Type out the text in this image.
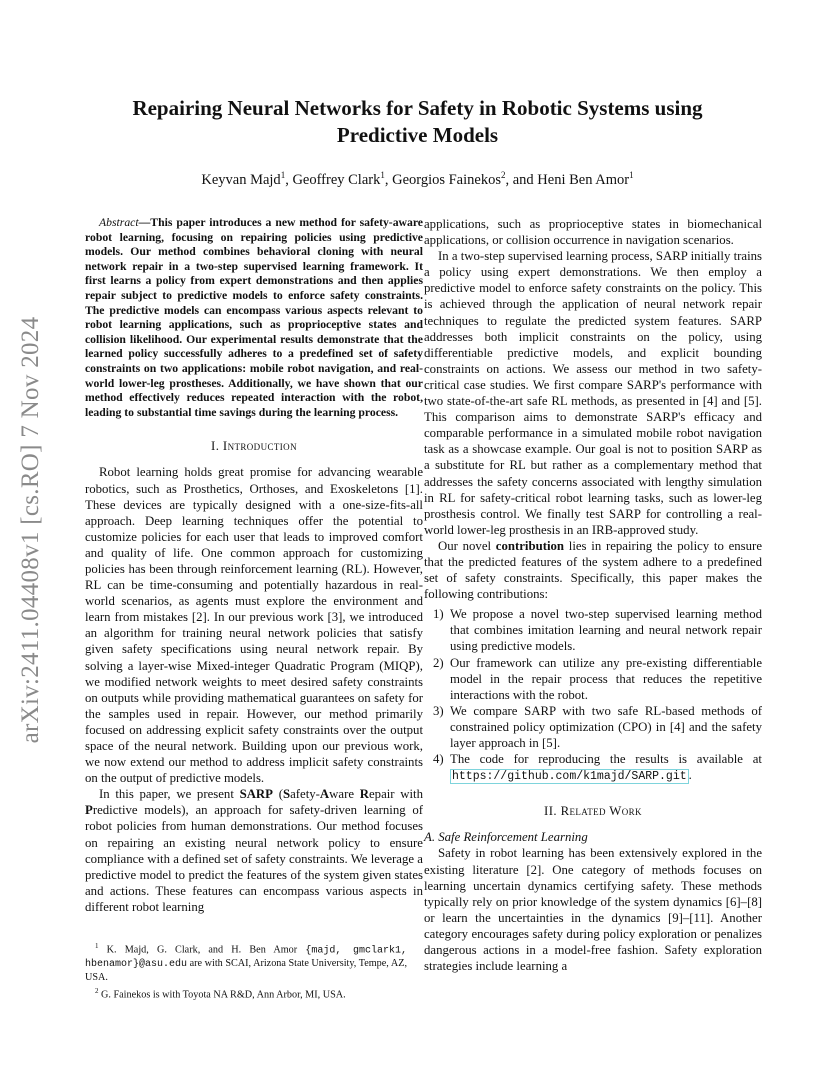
arXiv:2411.04408v1 [cs.RO] 7 Nov 2024
Repairing Neural Networks for Safety in Robotic Systems using
Predictive Models

Keyvan Majd$^1$, Geoffrey Clark$^1$, Georgios Fainekos$^2$, and Heni Ben Amor$^1$

Abstract—This paper introduces a new method for safety-aware robot learning, focusing on repairing policies using predictive models. Our method combines behavioral cloning with neural network repair in a two-step supervised learning framework. It first learns a policy from expert demonstrations and then applies repair subject to predictive models to enforce safety constraints. The predictive models can encompass various aspects relevant to robot learning applications, such as proprioceptive states and collision likelihood. Our experimental results demonstrate that the learned policy successfully adheres to a predefined set of safety constraints on two applications: mobile robot navigation, and real-world lower-leg prostheses. Additionally, we have shown that our method effectively reduces repeated interaction with the robot, leading to substantial time savings during the learning process.

I. Introduction

Robot learning holds great promise for advancing wearable robotics, such as Prosthetics, Orthoses, and Exoskeletons [1]. These devices are typically designed with a one-size-fits-all approach. Deep learning techniques offer the potential to customize policies for each user that leads to improved comfort and quality of life. One common approach for customizing policies has been through reinforcement learning (RL). However, RL can be time-consuming and potentially hazardous in real-world scenarios, as agents must explore the environment and learn from mistakes [2]. In our previous work [3], we introduced an algorithm for training neural network policies that satisfy given safety specifications using neural network repair. By solving a layer-wise Mixed-integer Quadratic Program (MIQP), we modified network weights to meet desired safety constraints on outputs while providing mathematical guarantees on safety for the samples used in repair. However, our method primarily focused on addressing explicit safety constraints over the output space of the neural network. Building upon our previous work, we now extend our method to address implicit safety constraints on the output of predictive models.

In this paper, we present SARP (Safety-Aware Repair with Predictive models), an approach for safety-driven learning of robot policies from human demonstrations. Our method focuses on repairing an existing neural network policy to ensure compliance with a defined set of safety constraints. We leverage a predictive model to predict the features of the system given states and actions. These features can encompass various aspects in different robot learning

$^1$ K. Majd, G. Clark, and H. Ben Amor {majd, gmclark1, hbenamor}@asu.edu are with SCAI, Arizona State University, Tempe, AZ, USA.

$^2$ G. Fainekos is with Toyota NA R&D, Ann Arbor, MI, USA.

applications, such as proprioceptive states in biomechanical applications, or collision occurrence in navigation scenarios.

In a two-step supervised learning process, SARP initially trains a policy using expert demonstrations. We then employ a predictive model to enforce safety constraints on the policy. This is achieved through the application of neural network repair techniques to regulate the predicted system features. SARP addresses both implicit constraints on the policy, using differentiable predictive models, and explicit bounding constraints on actions. We assess our method in two safety-critical case studies. We first compare SARP's performance with two state-of-the-art safe RL methods, as presented in [4] and [5]. This comparison aims to demonstrate SARP's efficacy and comparable performance in a simulated mobile robot navigation task as a showcase example. Our goal is not to position SARP as a substitute for RL but rather as a complementary method that addresses the safety concerns associated with lengthy simulation in RL for safety-critical robot learning tasks, such as lower-leg prosthesis control. We finally test SARP for controlling a real-world lower-leg prosthesis in an IRB-approved study.

Our novel contribution lies in repairing the policy to ensure that the predicted features of the system adhere to a predefined set of safety constraints. Specifically, this paper makes the following contributions:

1) We propose a novel two-step supervised learning method that combines imitation learning and neural network repair using predictive models.
2) Our framework can utilize any pre-existing differentiable model in the repair process that reduces the repetitive interactions with the robot.
3) We compare SARP with two safe RL-based methods of constrained policy optimization (CPO) in [4] and the safety layer approach in [5].
4) The code for reproducing the results is available at https://github.com/k1majd/SARP.git .
II. Related Work

A. Safe Reinforcement Learning

Safety in robot learning has been extensively explored in the existing literature [2]. One category of methods focuses on learning uncertain dynamics certifying safety. These methods typically rely on prior knowledge of the system dynamics [6]–[8] or learn the uncertainties in the dynamics [9]–[11]. Another category encourages safety during policy exploration or penalizes dangerous actions in a model-free fashion. Safety exploration strategies include learning a
